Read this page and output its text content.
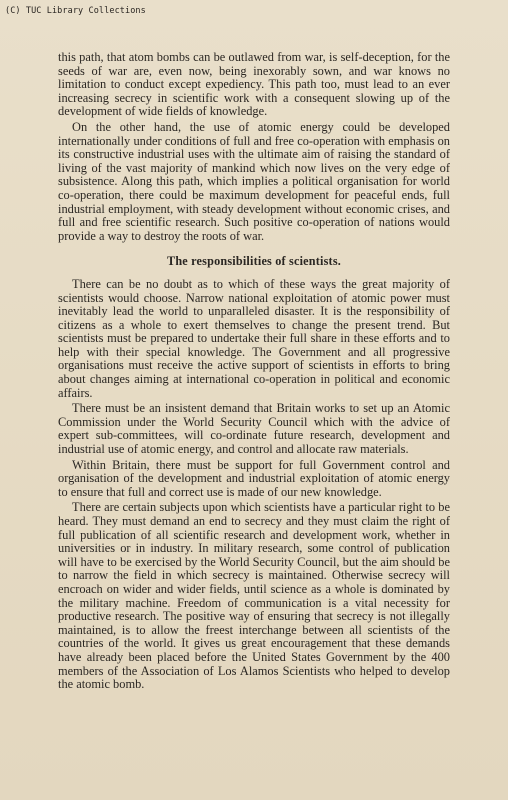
(C) TUC Library Collections

this path, that atom bombs can be outlawed from war, is self-deception, for the seeds of war are, even now, being inexorably sown, and war knows no limitation to conduct except expediency. This path too, must lead to an ever increasing secrecy in scientific work with a consequent slowing up of the development of wide fields of knowledge.

On the other hand, the use of atomic energy could be developed internationally under conditions of full and free co-operation with emphasis on its constructive industrial uses with the ultimate aim of raising the standard of living of the vast majority of mankind which now lives on the very edge of subsistence. Along this path, which implies a political organisation for world co-operation, there could be maximum development for peaceful ends, full industrial employment, with steady development without economic crises, and full and free scientific research. Such positive co-operation of nations would provide a way to destroy the roots of war.

The responsibilities of scientists.

There can be no doubt as to which of these ways the great majority of scientists would choose. Narrow national exploitation of atomic power must inevitably lead the world to unparalleled disaster. It is the responsibility of citizens as a whole to exert themselves to change the present trend. But scientists must be prepared to undertake their full share in these efforts and to help with their special knowledge. The Government and all progressive organisations must receive the active support of scientists in efforts to bring about changes aiming at international co-operation in political and economic affairs.

There must be an insistent demand that Britain works to set up an Atomic Commission under the World Security Council which with the advice of expert sub-committees, will co-ordinate future research, development and industrial use of atomic energy, and control and allocate raw materials.

Within Britain, there must be support for full Government control and organisation of the development and industrial exploitation of atomic energy to ensure that full and correct use is made of our new knowledge.

There are certain subjects upon which scientists have a particular right to be heard. They must demand an end to secrecy and they must claim the right of full publication of all scientific research and development work, whether in universities or in industry. In military research, some control of publication will have to be exercised by the World Security Council, but the aim should be to narrow the field in which secrecy is maintained. Otherwise secrecy will encroach on wider and wider fields, until science as a whole is dominated by the military machine. Freedom of communication is a vital necessity for productive research. The positive way of ensuring that secrecy is not illegally maintained, is to allow the freest interchange between all scientists of the countries of the world. It gives us great encouragement that these demands have already been placed before the United States Government by the 400 members of the Association of Los Alamos Scientists who helped to develop the atomic bomb.
